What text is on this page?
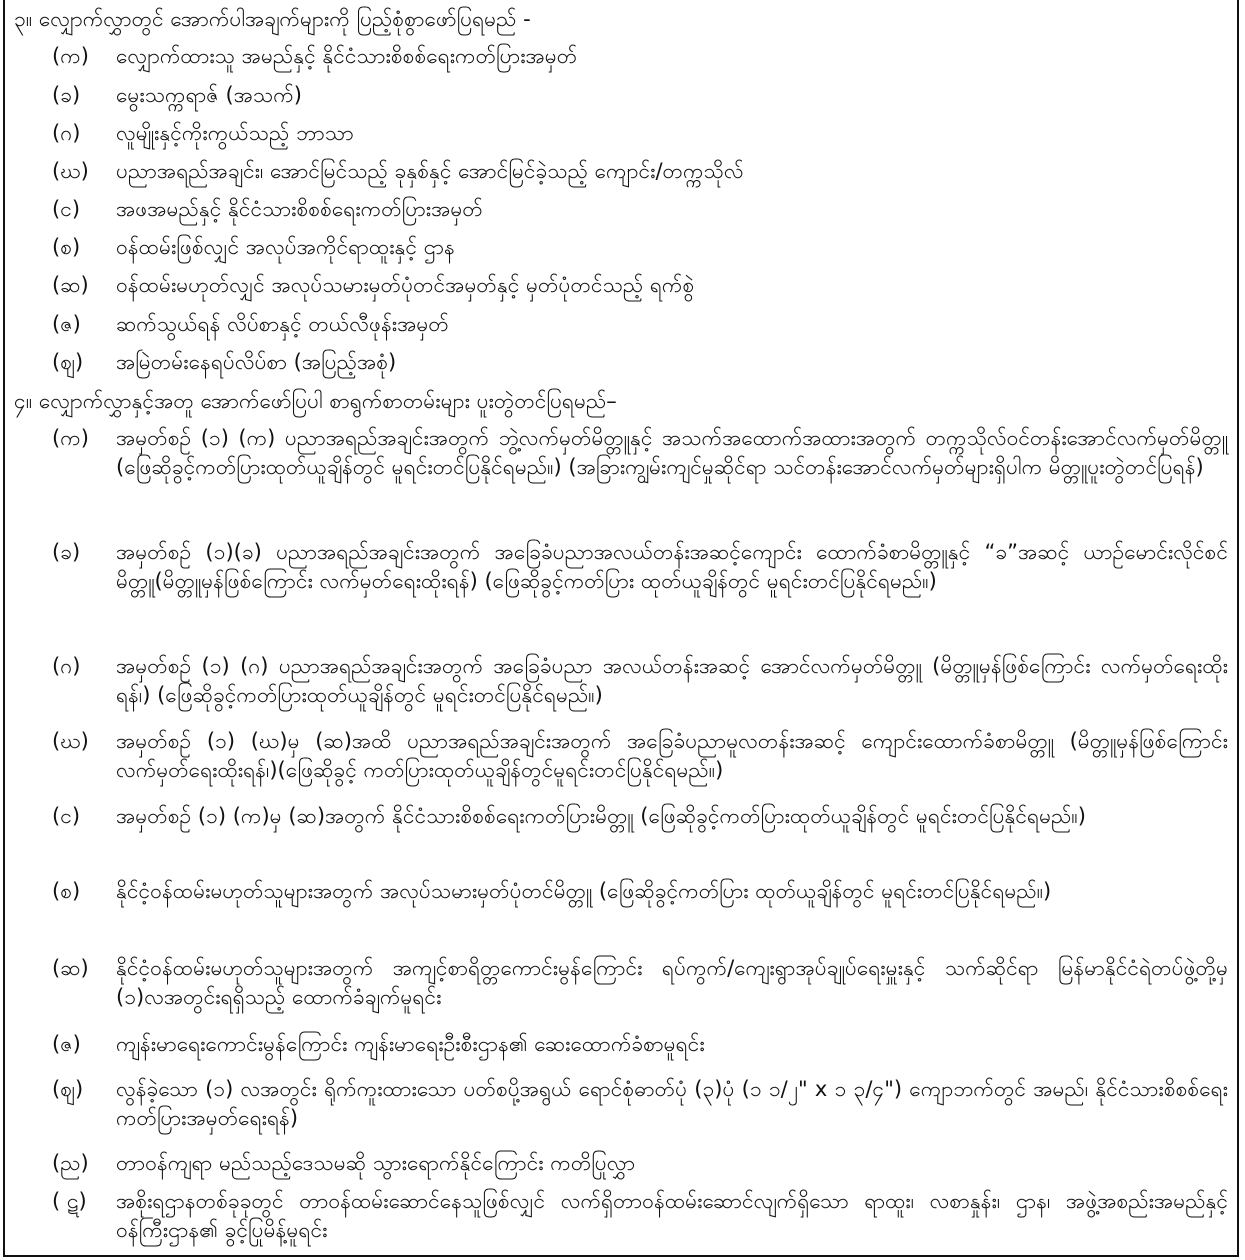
၃။ လျှောက်လွှာတွင် အောက်ပါအချက်များကို ပြည့်စုံစွာဖော်ပြရမည် -
(က)	လျှောက်ထားသူ အမည်နှင့် နိုင်ငံသားစိစစ်ရေးကတ်ပြားအမှတ်
(ခ)	မွေးသက္ကရာဇ် (အသက်)
(ဂ)	လူမျိုးနှင့်ကိုးကွယ်သည့် ဘာသာ
(ဃ)	ပညာအရည်အချင်း၊ အောင်မြင်သည့် ခုနှစ်နှင့် အောင်မြင်ခဲ့သည့် ကျောင်း/တက္ကသိုလ်
(င)	အဖအမည်နှင့် နိုင်ငံသားစိစစ်ရေးကတ်ပြားအမှတ်
(စ)	ဝန်ထမ်းဖြစ်လျှင် အလုပ်အကိုင်ရာထူးနှင့် ဌာန
(ဆ)	ဝန်ထမ်းမဟုတ်လျှင် အလုပ်သမားမှတ်ပုံတင်အမှတ်နှင့် မှတ်ပုံတင်သည့် ရက်စွဲ
(ဇ)	ဆက်သွယ်ရန် လိပ်စာနှင့် တယ်လီဖုန်းအမှတ်
(ဈ)	အမြဲတမ်းနေရပ်လိပ်စာ (အပြည့်အစုံ)
၄။ လျှောက်လွှာနှင့်အတူ အောက်ဖော်ပြပါ စာရွက်စာတမ်းများ ပူးတွဲတင်ပြရမည်–
(က)	အမှတ်စဉ် (၁) (က) ပညာအရည်အချင်းအတွက် ဘွဲ့လက်မှတ်မိတ္တူနှင့် အသက်အထောက်အထားအတွက် တက္ကသိုလ်ဝင်တန်းအောင်လက်မှတ်မိတ္တူ (ဖြေဆိုခွင့်ကတ်ပြားထုတ်ယူချိန်တွင် မူရင်းတင်ပြနိုင်ရမည်။) (အခြားကျွမ်းကျင်မှုဆိုင်ရာ သင်တန်းအောင်လက်မှတ်များရှိပါက မိတ္တူပူးတွဲတင်ပြရန်)
(ခ)	အမှတ်စဉ် (၁)(ခ) ပညာအရည်အချင်းအတွက် အခြေခံပညာအလယ်တန်းအဆင့်ကျောင်း ထောက်ခံစာမိတ္တူနှင့် “ခ”အဆင့် ယာဉ်မောင်းလိုင်စင် မိတ္တူ(မိတ္တူမှန်ဖြစ်ကြောင်း လက်မှတ်ရေးထိုးရန်) (ဖြေဆိုခွင့်ကတ်ပြား ထုတ်ယူချိန်တွင် မူရင်းတင်ပြနိုင်ရမည်။)
(ဂ)	အမှတ်စဉ် (၁) (ဂ) ပညာအရည်အချင်းအတွက် အခြေခံပညာ အလယ်တန်းအဆင့် အောင်လက်မှတ်မိတ္တူ (မိတ္တူမှန်ဖြစ်ကြောင်း လက်မှတ်ရေးထိုးရန်၊) (ဖြေဆိုခွင့်ကတ်ပြားထုတ်ယူချိန်တွင် မူရင်းတင်ပြနိုင်ရမည်။)
(ဃ)	အမှတ်စဉ် (၁) (ဃ)မှ (ဆ)အထိ ပညာအရည်အချင်းအတွက် အခြေခံပညာမူလတန်းအဆင့် ကျောင်းထောက်ခံစာမိတ္တူ (မိတ္တူမှန်ဖြစ်ကြောင်း လက်မှတ်ရေးထိုးရန်၊)(ဖြေဆိုခွင့် ကတ်ပြားထုတ်ယူချိန်တွင်မူရင်းတင်ပြနိုင်ရမည်။)
(င)	အမှတ်စဉ် (၁) (က)မှ (ဆ)အတွက် နိုင်ငံသားစိစစ်ရေးကတ်ပြားမိတ္တူ (ဖြေဆိုခွင့်ကတ်ပြားထုတ်ယူချိန်တွင် မူရင်းတင်ပြနိုင်ရမည်။)
(စ)	နိုင်ငံ့ဝန်ထမ်းမဟုတ်သူများအတွက် အလုပ်သမားမှတ်ပုံတင်မိတ္တူ (ဖြေဆိုခွင့်ကတ်ပြား ထုတ်ယူချိန်တွင် မူရင်းတင်ပြနိုင်ရမည်။)
(ဆ)	နိုင်ငံ့ဝန်ထမ်းမဟုတ်သူများအတွက် အကျင့်စာရိတ္တကောင်းမွန်ကြောင်း ရပ်ကွက်/ကျေးရွာအုပ်ချုပ်ရေးမှူးနှင့် သက်ဆိုင်ရာ မြန်မာနိုင်ငံရဲတပ်ဖွဲ့တို့မှ (၁)လအတွင်းရရှိသည့် ထောက်ခံချက်မူရင်း
(ဇ)	ကျန်းမာရေးကောင်းမွန်ကြောင်း ကျန်းမာရေးဦးစီးဌာန၏ ဆေးထောက်ခံစာမူရင်း
(ဈ)	လွန်ခဲ့သော (၁) လအတွင်း ရိုက်ကူးထားသော ပတ်စပို့အရွယ် ရောင်စုံဓာတ်ပုံ (၃)ပုံ (၁ ၁/၂" x ၁ ၃/၄") ကျောဘက်တွင် အမည်၊ နိုင်ငံသားစိစစ်ရေးကတ်ပြားအမှတ်ရေးရန်)
(ည)	တာဝန်ကျရာ မည်သည့်ဒေသမဆို သွားရောက်နိုင်ကြောင်း ကတိပြုလွှာ
( ဋ)	အစိုးရဌာနတစ်ခုခုတွင် တာဝန်ထမ်းဆောင်နေသူဖြစ်လျှင် လက်ရှိတာဝန်ထမ်းဆောင်လျက်ရှိသော ရာထူး၊ လစာနှုန်း၊ ဌာန၊ အဖွဲ့အစည်းအမည်နှင့် ဝန်ကြီးဌာန၏ ခွင့်ပြုမိန့်မူရင်း
